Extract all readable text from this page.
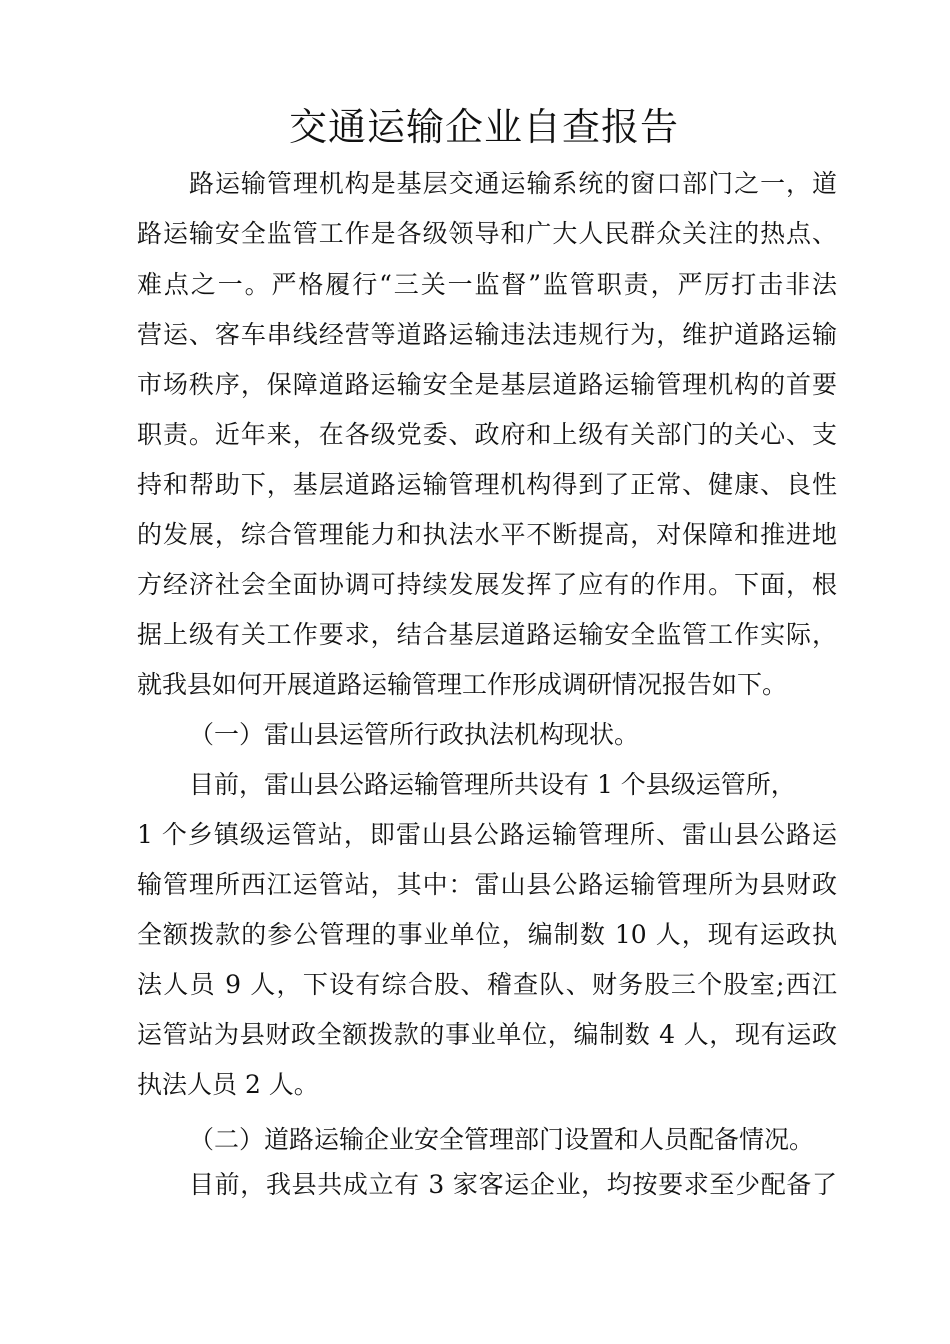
交通运输企业自查报告
路运输管理机构是基层交通运输系统的窗口部门之一，道
路运输安全监管工作是各级领导和广大人民群众关注的热点、
难点之一。严格履行“三关一监督”监管职责，严厉打击非法
营运、客车串线经营等道路运输违法违规行为，维护道路运输
市场秩序，保障道路运输安全是基层道路运输管理机构的首要
职责。近年来，在各级党委、政府和上级有关部门的关心、支
持和帮助下，基层道路运输管理机构得到了正常、健康、良性
的发展，综合管理能力和执法水平不断提高，对保障和推进地
方经济社会全面协调可持续发展发挥了应有的作用。下面，根
据上级有关工作要求，结合基层道路运输安全监管工作实际，
就我县如何开展道路运输管理工作形成调研情况报告如下。
（一）雷山县运管所行政执法机构现状。
目前，雷山县公路运输管理所共设有 1 个县级运管所，
1 个乡镇级运管站，即雷山县公路运输管理所、雷山县公路运
输管理所西江运管站，其中：雷山县公路运输管理所为县财政
全额拨款的参公管理的事业单位，编制数 10 人，现有运政执
法人员 9 人，下设有综合股、稽查队、财务股三个股室;西江
运管站为县财政全额拨款的事业单位，编制数 4 人，现有运政
执法人员 2 人。
（二）道路运输企业安全管理部门设置和人员配备情况。
目前，我县共成立有 3 家客运企业，均按要求至少配备了
